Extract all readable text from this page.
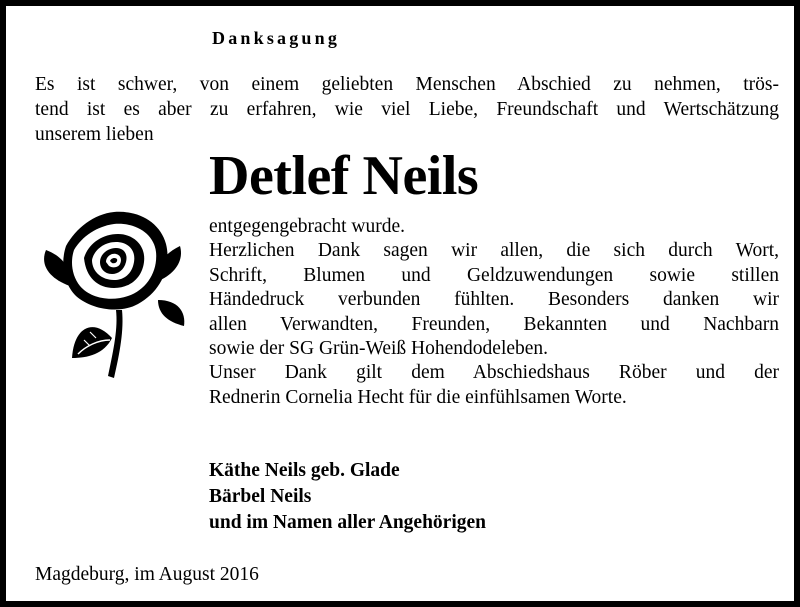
Danksagung
Es ist schwer, von einem geliebten Menschen Abschied zu nehmen, trös-
tend ist es aber zu erfahren, wie viel Liebe, Freundschaft und Wertschätzung
unserem lieben
Detlef Neils
entgegengebracht wurde.
Herzlichen Dank sagen wir allen, die sich durch Wort,
Schrift, Blumen und Geldzuwendungen sowie stillen
Händedruck verbunden fühlten. Besonders danken wir
allen Verwandten, Freunden, Bekannten und Nachbarn
sowie der SG Grün-Weiß Hohendodeleben.
Unser Dank gilt dem Abschiedshaus Röber und der
Rednerin Cornelia Hecht für die einfühlsamen Worte.
Käthe Neils geb. Glade
Bärbel Neils
und im Namen aller Angehörigen
Magdeburg, im August 2016
